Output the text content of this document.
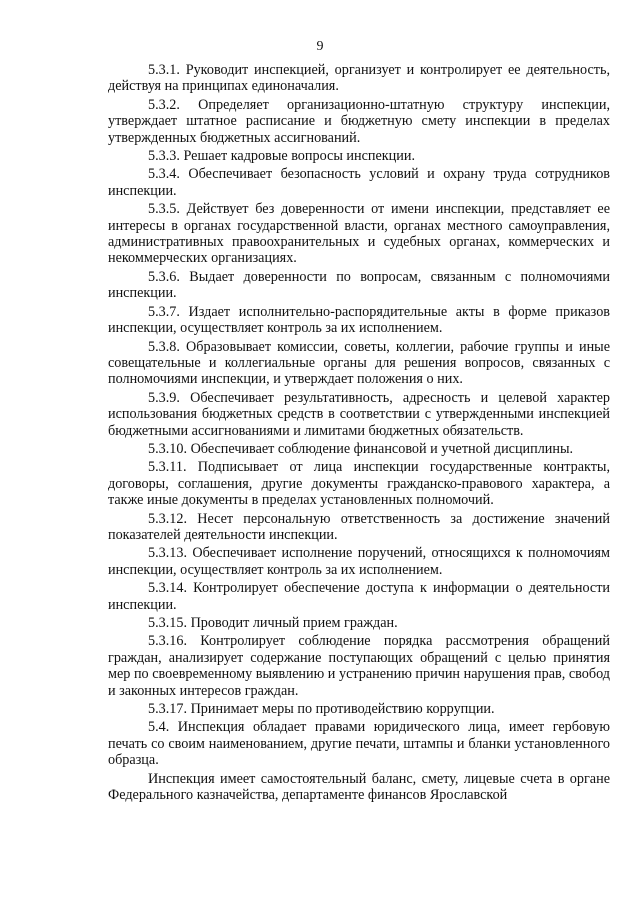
9

5.3.1. Руководит инспекцией, организует и контролирует ее деятельность, действуя на принципах единоначалия.

5.3.2. Определяет организационно-штатную структуру инспекции, утверждает штатное расписание и бюджетную смету инспекции в пределах утвержденных бюджетных ассигнований.

5.3.3. Решает кадровые вопросы инспекции.

5.3.4. Обеспечивает безопасность условий и охрану труда сотрудников инспекции.

5.3.5. Действует без доверенности от имени инспекции, представляет ее интересы в органах государственной власти, органах местного самоуправления, административных правоохранительных и судебных органах, коммерческих и некоммерческих организациях.

5.3.6. Выдает доверенности по вопросам, связанным с полномочиями инспекции.

5.3.7. Издает исполнительно-распорядительные акты в форме приказов инспекции, осуществляет контроль за их исполнением.

5.3.8. Образовывает комиссии, советы, коллегии, рабочие группы и иные совещательные и коллегиальные органы для решения вопросов, связанных с полномочиями инспекции, и утверждает положения о них.

5.3.9. Обеспечивает результативность, адресность и целевой характер использования бюджетных средств в соответствии с утвержденными инспекцией бюджетными ассигнованиями и лимитами бюджетных обязательств.

5.3.10. Обеспечивает соблюдение финансовой и учетной дисциплины.

5.3.11. Подписывает от лица инспекции государственные контракты, договоры, соглашения, другие документы гражданско-правового характера, а также иные документы в пределах установленных полномочий.

5.3.12. Несет персональную ответственность за достижение значений показателей деятельности инспекции.

5.3.13. Обеспечивает исполнение поручений, относящихся к полномочиям инспекции, осуществляет контроль за их исполнением.

5.3.14. Контролирует обеспечение доступа к информации о деятельности инспекции.

5.3.15. Проводит личный прием граждан.

5.3.16. Контролирует соблюдение порядка рассмотрения обращений граждан, анализирует содержание поступающих обращений с целью принятия мер по своевременному выявлению и устранению причин нарушения прав, свобод и законных интересов граждан.

5.3.17. Принимает меры по противодействию коррупции.

5.4. Инспекция обладает правами юридического лица, имеет гербовую печать со своим наименованием, другие печати, штампы и бланки установленного образца.

Инспекция имеет самостоятельный баланс, смету, лицевые счета в органе Федерального казначейства, департаменте финансов Ярославской
